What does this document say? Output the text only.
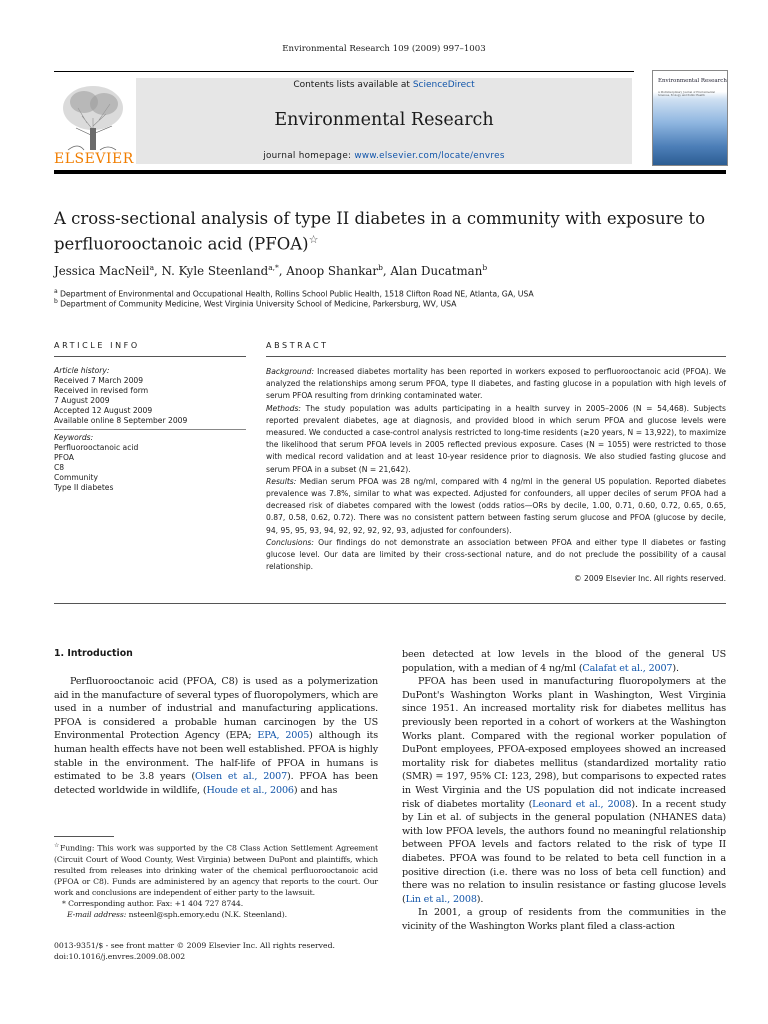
Environmental Research 109 (2009) 997–1003
ELSEVIER
Contents lists available at ScienceDirect
Environmental Research
journal homepage: www.elsevier.com/locate/envres
Environmental Research
A Multidisciplinary Journal of Environmental Sciences, Ecology, and Public Health
A cross-sectional analysis of type II diabetes in a community with exposure to
perfluorooctanoic acid (PFOA)☆
Jessica MacNeil$^a$, N. Kyle Steenland$^{a,*}$, Anoop Shankar$^b$, Alan Ducatman$^b$
$^a$ Department of Environmental and Occupational Health, Rollins School Public Health, 1518 Clifton Road NE, Atlanta, GA, USA
$^b$ Department of Community Medicine, West Virginia University School of Medicine, Parkersburg, WV, USA
ARTICLE INFO	ABSTRACT
Article history:
Received 7 March 2009
Received in revised form
7 August 2009
Accepted 12 August 2009
Available online 8 September 2009
Keywords:
Perfluorooctanoic acid
PFOA
C8
Community
Type II diabetes
Background: Increased diabetes mortality has been reported in workers exposed to perfluorooctanoic acid (PFOA). We analyzed the relationships among serum PFOA, type II diabetes, and fasting glucose in a population with high levels of serum PFOA resulting from drinking contaminated water.
Methods: The study population was adults participating in a health survey in 2005–2006 (N = 54,468). Subjects reported prevalent diabetes, age at diagnosis, and provided blood in which serum PFOA and glucose levels were measured. We conducted a case-control analysis restricted to long-time residents (≥20 years, N = 13,922), to maximize the likelihood that serum PFOA levels in 2005 reflected previous exposure. Cases (N = 1055) were restricted to those with medical record validation and at least 10-year residence prior to diagnosis. We also studied fasting glucose and serum PFOA in a subset (N = 21,642).
Results: Median serum PFOA was 28 ng/ml, compared with 4 ng/ml in the general US population. Reported diabetes prevalence was 7.8%, similar to what was expected. Adjusted for confounders, all upper deciles of serum PFOA had a decreased risk of diabetes compared with the lowest (odds ratios—ORs by decile, 1.00, 0.71, 0.60, 0.72, 0.65, 0.65, 0.87, 0.58, 0.62, 0.72). There was no consistent pattern between fasting serum glucose and PFOA (glucose by decile, 94, 95, 95, 93, 94, 92, 92, 92, 92, 93, adjusted for confounders).
Conclusions: Our findings do not demonstrate an association between PFOA and either type II diabetes or fasting glucose level. Our data are limited by their cross-sectional nature, and do not preclude the possibility of a causal relationship.
© 2009 Elsevier Inc. All rights reserved.
1. Introduction

Perfluorooctanoic acid (PFOA, C8) is used as a polymerization aid in the manufacture of several types of fluoropolymers, which are used in a number of industrial and manufacturing applications. PFOA is considered a probable human carcinogen by the US Environmental Protection Agency (EPA; EPA, 2005) although its human health effects have not been well established. PFOA is highly stable in the environment. The half-life of PFOA in humans is estimated to be 3.8 years (Olsen et al., 2007). PFOA has been detected worldwide in wildlife, (Houde et al., 2006) and has

been detected at low levels in the blood of the general US population, with a median of 4 ng/ml (Calafat et al., 2007).

PFOA has been used in manufacturing fluoropolymers at the DuPont's Washington Works plant in Washington, West Virginia since 1951. An increased mortality risk for diabetes mellitus has previously been reported in a cohort of workers at the Washington Works plant. Compared with the regional worker population of DuPont employees, PFOA-exposed employees showed an increased mortality risk for diabetes mellitus (standardized mortality ratio (SMR) = 197, 95% CI: 123, 298), but comparisons to expected rates in West Virginia and the US population did not indicate increased risk of diabetes mortality (Leonard et al., 2008). In a recent study by Lin et al. of subjects in the general population (NHANES data) with low PFOA levels, the authors found no meaningful relationship between PFOA levels and factors related to the risk of type II diabetes. PFOA was found to be related to beta cell function in a positive direction (i.e. there was no loss of beta cell function) and there was no relation to insulin resistance or fasting glucose levels (Lin et al., 2008).

In 2001, a group of residents from the communities in the vicinity of the Washington Works plant filed a class-action

☆Funding: This work was supported by the C8 Class Action Settlement Agreement (Circuit Court of Wood County, West Virginia) between DuPont and plaintiffs, which resulted from releases into drinking water of the chemical perfluorooctanoic acid (PFOA or C8). Funds are administered by an agency that reports to the court. Our work and conclusions are independent of either party to the lawsuit.

* Corresponding author. Fax: +1 404 727 8744.

E-mail address: nsteenl@sph.emory.edu (N.K. Steenland).

0013-9351/$ - see front matter © 2009 Elsevier Inc. All rights reserved.
doi:10.1016/j.envres.2009.08.002
